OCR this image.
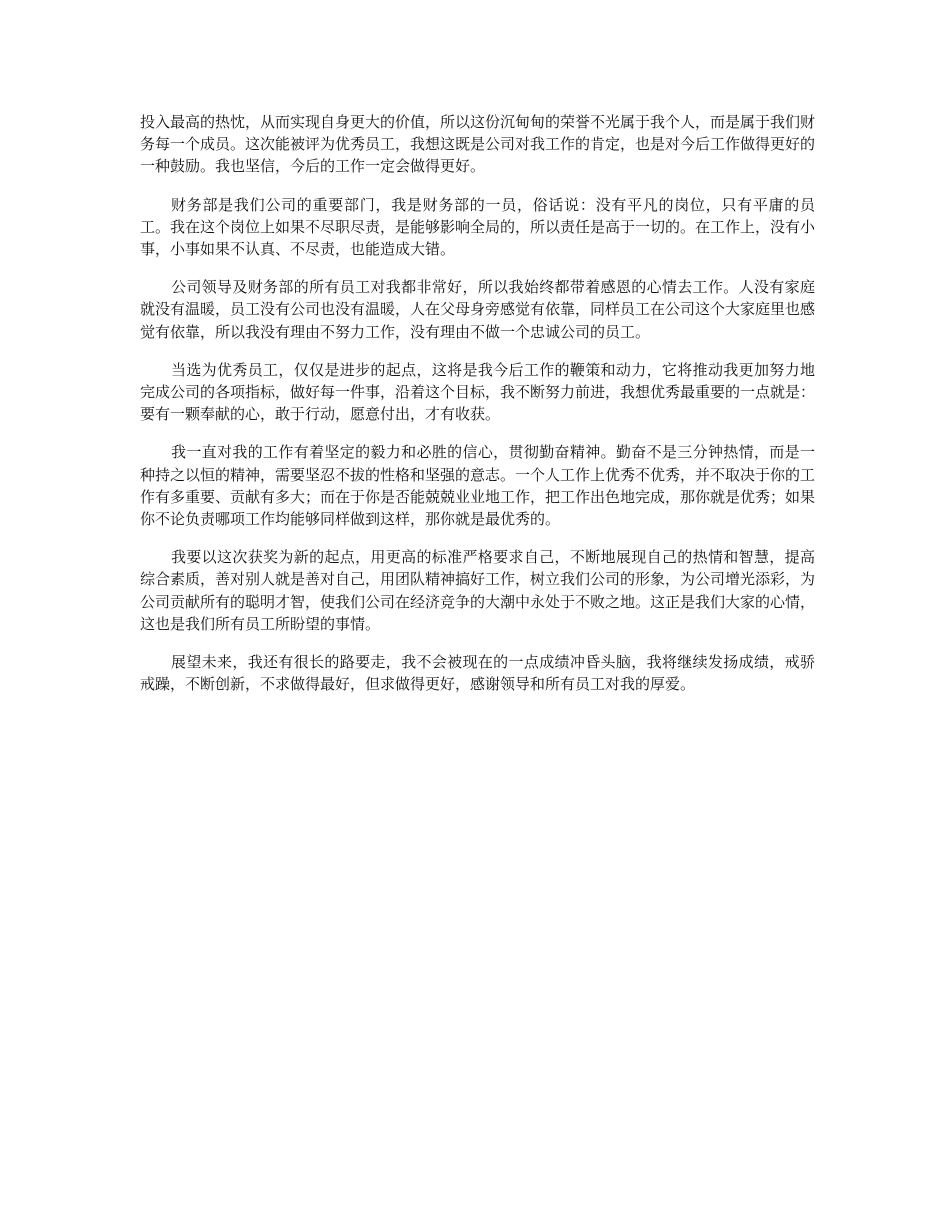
投入最高的热忱，从而实现自身更大的价值，所以这份沉甸甸的荣誉不光属于我个人，而是属于我们财务每一个成员。这次能被评为优秀员工，我想这既是公司对我工作的肯定，也是对今后工作做得更好的一种鼓励。我也坚信，今后的工作一定会做得更好。

财务部是我们公司的重要部门，我是财务部的一员，俗话说：没有平凡的岗位，只有平庸的员工。我在这个岗位上如果不尽职尽责，是能够影响全局的，所以责任是高于一切的。在工作上，没有小事，小事如果不认真、不尽责，也能造成大错。

公司领导及财务部的所有员工对我都非常好，所以我始终都带着感恩的心情去工作。人没有家庭就没有温暖，员工没有公司也没有温暖，人在父母身旁感觉有依靠，同样员工在公司这个大家庭里也感觉有依靠，所以我没有理由不努力工作，没有理由不做一个忠诚公司的员工。

当选为优秀员工，仅仅是进步的起点，这将是我今后工作的鞭策和动力，它将推动我更加努力地完成公司的各项指标，做好每一件事，沿着这个目标，我不断努力前进，我想优秀最重要的一点就是：要有一颗奉献的心，敢于行动，愿意付出，才有收获。

我一直对我的工作有着坚定的毅力和必胜的信心，贯彻勤奋精神。勤奋不是三分钟热情，而是一种持之以恒的精神，需要坚忍不拔的性格和坚强的意志。一个人工作上优秀不优秀，并不取决于你的工作有多重要、贡献有多大；而在于你是否能兢兢业业地工作，把工作出色地完成，那你就是优秀；如果你不论负责哪项工作均能够同样做到这样，那你就是最优秀的。

我要以这次获奖为新的起点，用更高的标准严格要求自己，不断地展现自己的热情和智慧，提高综合素质，善对别人就是善对自己，用团队精神搞好工作，树立我们公司的形象，为公司增光添彩，为公司贡献所有的聪明才智，使我们公司在经济竞争的大潮中永处于不败之地。这正是我们大家的心情，这也是我们所有员工所盼望的事情。

展望未来，我还有很长的路要走，我不会被现在的一点成绩冲昏头脑，我将继续发扬成绩，戒骄戒躁，不断创新，不求做得最好，但求做得更好，感谢领导和所有员工对我的厚爱。
